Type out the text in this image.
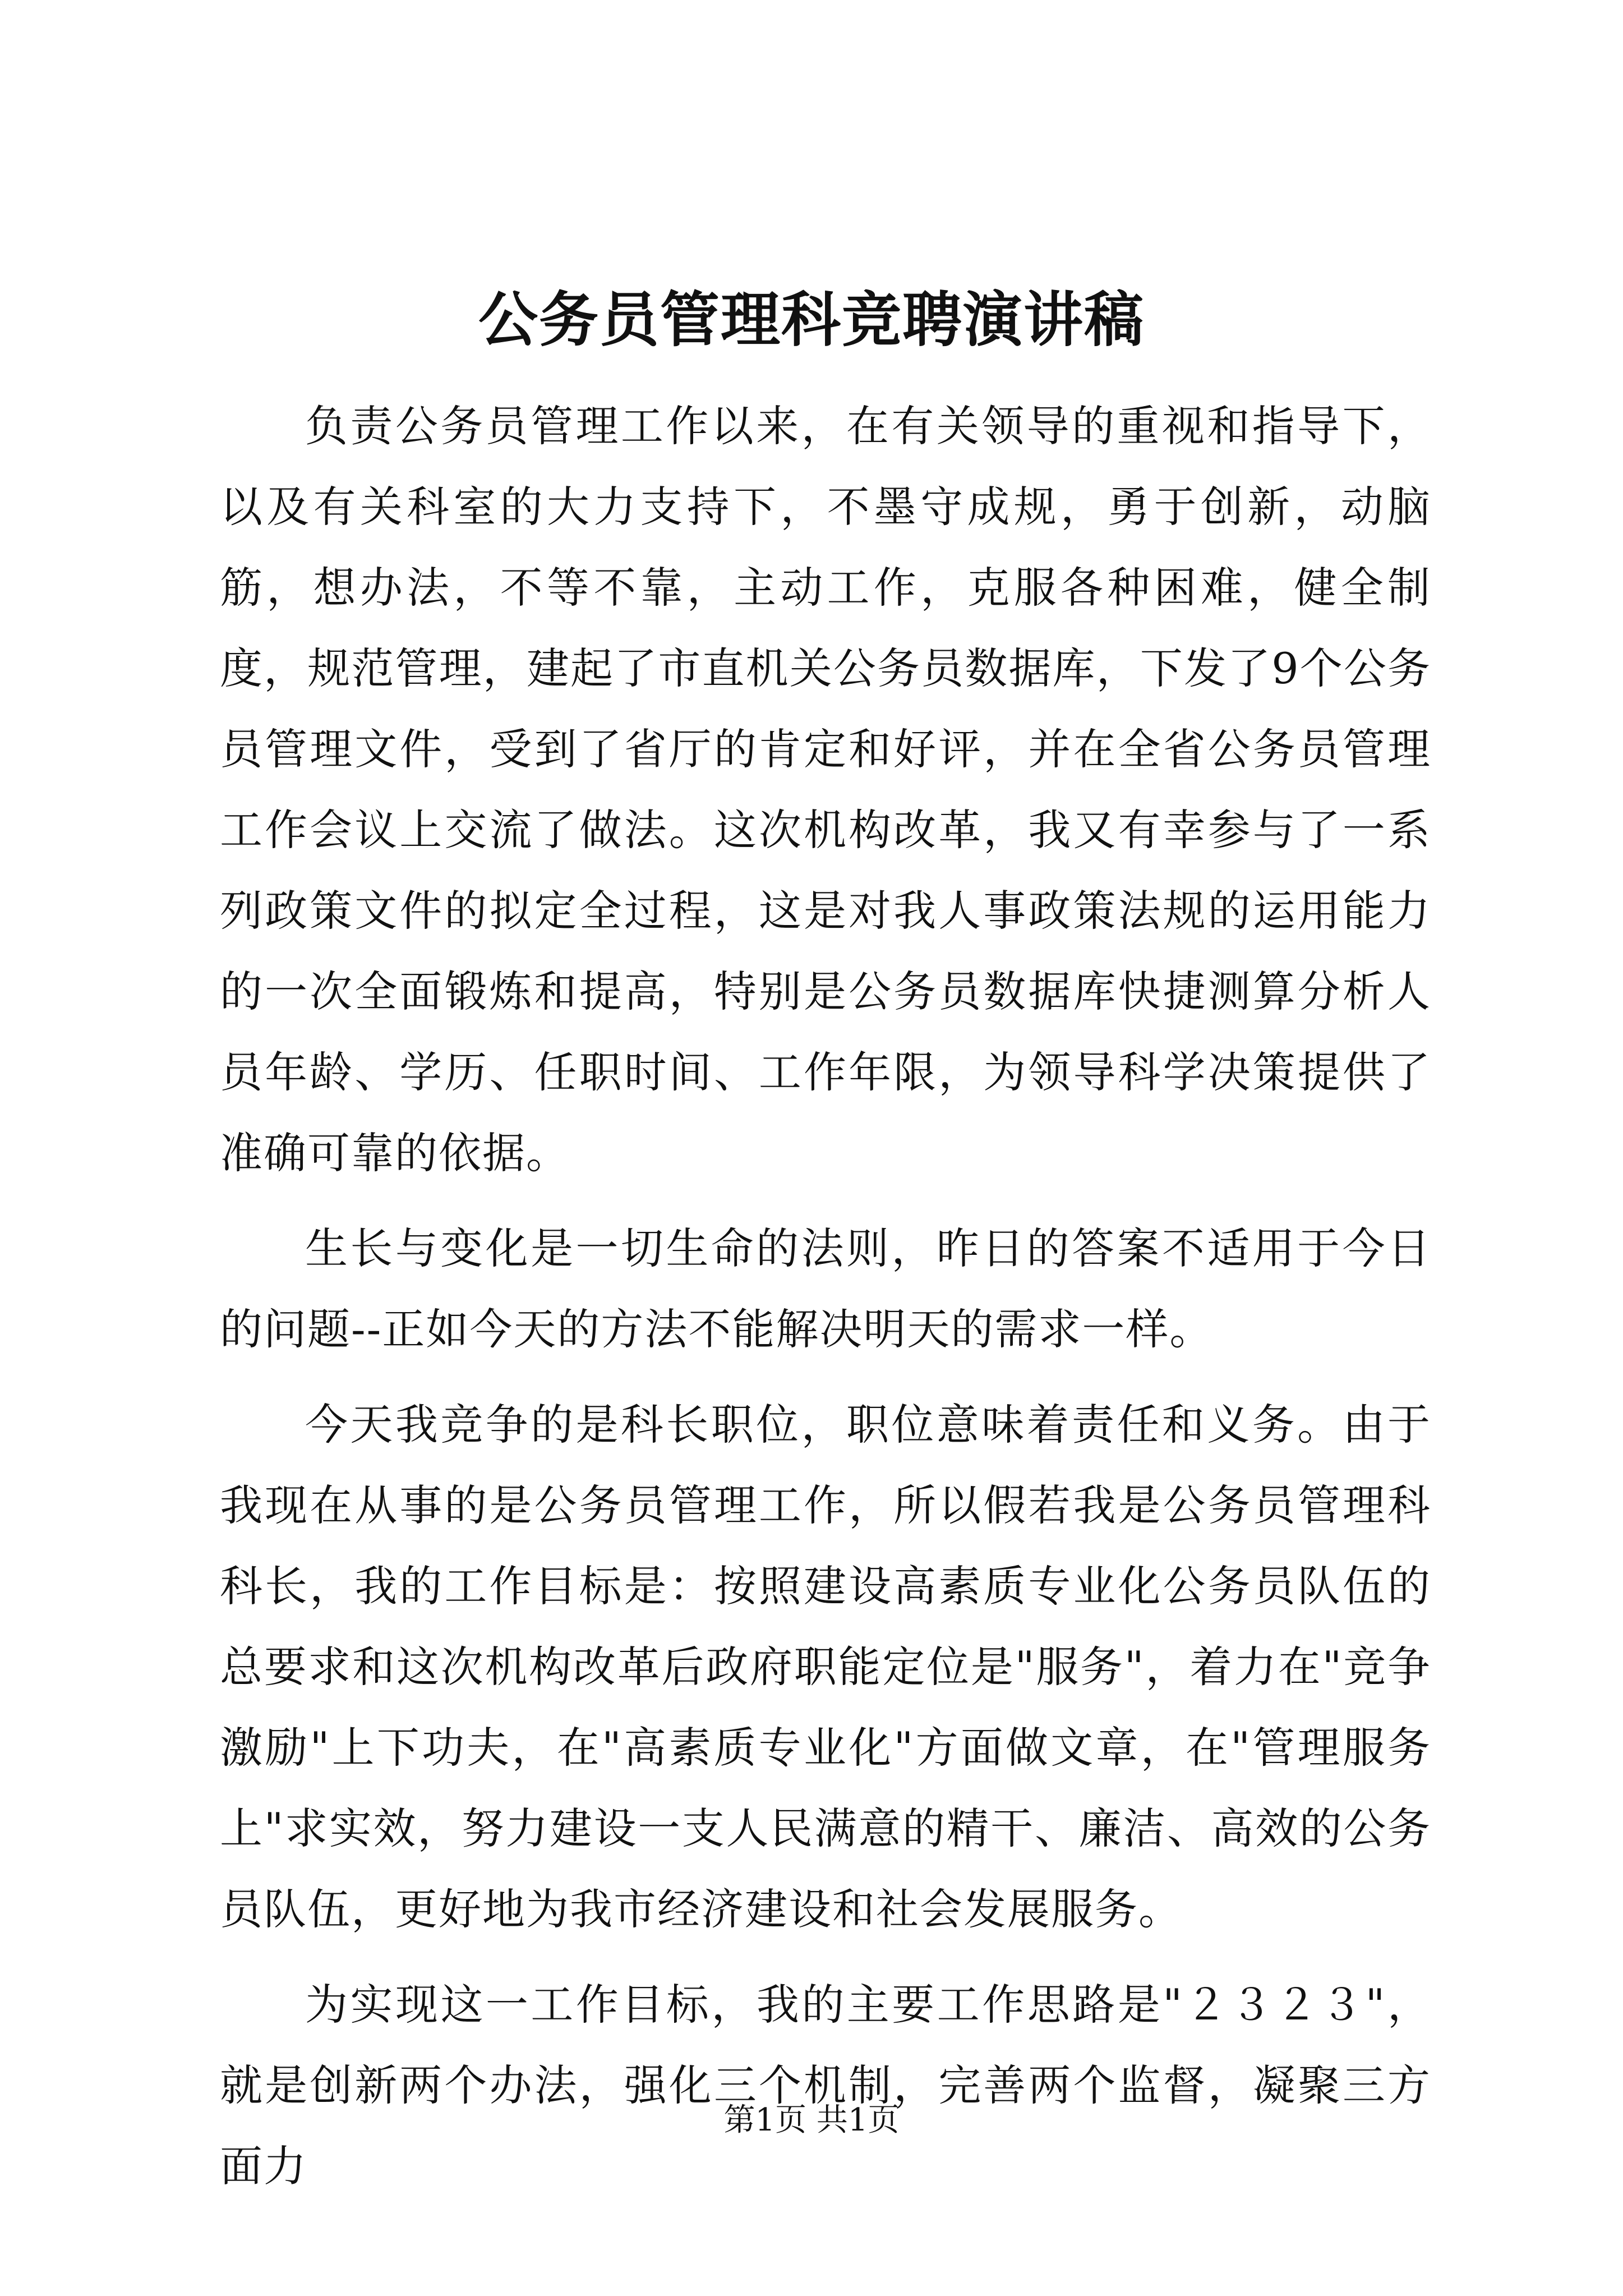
公务员管理科竞聘演讲稿

负责公务员管理工作以来，在有关领导的重视和指导下，以及有关科室的大力支持下，不墨守成规，勇于创新，动脑筋，想办法，不等不靠，主动工作，克服各种困难，健全制度，规范管理，建起了市直机关公务员数据库，下发了9个公务员管理文件，受到了省厅的肯定和好评，并在全省公务员管理工作会议上交流了做法。这次机构改革，我又有幸参与了一系列政策文件的拟定全过程，这是对我人事政策法规的运用能力的一次全面锻炼和提高，特别是公务员数据库快捷测算分析人员年龄、学历、任职时间、工作年限，为领导科学决策提供了准确可靠的依据。

生长与变化是一切生命的法则，昨日的答案不适用于今日的问题--正如今天的方法不能解决明天的需求一样。

今天我竞争的是科长职位，职位意味着责任和义务。由于我现在从事的是公务员管理工作，所以假若我是公务员管理科科长，我的工作目标是：按照建设高素质专业化公务员队伍的总要求和这次机构改革后政府职能定位是"服务"，着力在"竞争激励"上下功夫，在"高素质专业化"方面做文章，在"管理服务上"求实效，努力建设一支人民满意的精干、廉洁、高效的公务员队伍，更好地为我市经济建设和社会发展服务。

为实现这一工作目标，我的主要工作思路是"２３２３"，就是创新两个办法，强化三个机制，完善两个监督，凝聚三方面力

第1页 共1页
